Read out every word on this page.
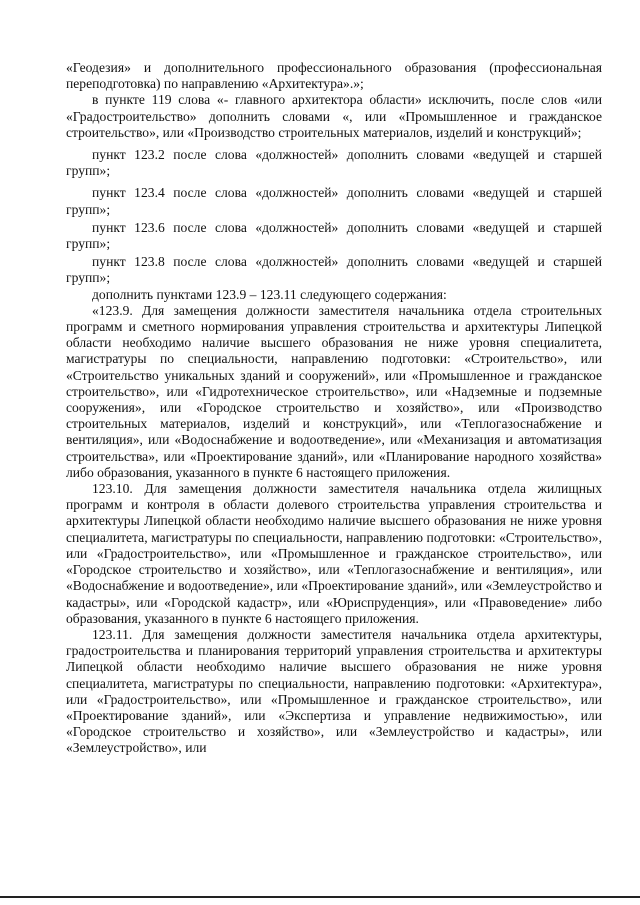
«Геодезия» и дополнительного профессионального образования (профессиональная переподготовка) по направлению «Архитектура».»;

в пункте 119 слова «- главного архитектора области» исключить, после слов «или «Градостроительство» дополнить словами «, или «Промышленное и гражданское строительство», или «Производство строительных материалов, изделий и конструкций»;

пункт 123.2 после слова «должностей» дополнить словами «ведущей и старшей групп»;

пункт 123.4 после слова «должностей» дополнить словами «ведущей и старшей групп»;

пункт 123.6 после слова «должностей» дополнить словами «ведущей и старшей групп»;

пункт 123.8 после слова «должностей» дополнить словами «ведущей и старшей групп»;

дополнить пунктами 123.9 – 123.11 следующего содержания:

«123.9. Для замещения должности заместителя начальника отдела строительных программ и сметного нормирования управления строительства и архитектуры Липецкой области необходимо наличие высшего образования не ниже уровня специалитета, магистратуры по специальности, направлению подготовки: «Строительство», или «Строительство уникальных зданий и сооружений», или «Промышленное и гражданское строительство», или «Гидротехническое строительство», или «Надземные и подземные сооружения», или «Городское строительство и хозяйство», или «Производство строительных материалов, изделий и конструкций», или «Теплогазоснабжение и вентиляция», или «Водоснабжение и водоотведение», или «Механизация и автоматизация строительства», или «Проектирование зданий», или «Планирование народного хозяйства» либо образования, указанного в пункте 6 настоящего приложения.

123.10. Для замещения должности заместителя начальника отдела жилищных программ и контроля в области долевого строительства управления строительства и архитектуры Липецкой области необходимо наличие высшего образования не ниже уровня специалитета, магистратуры по специальности, направлению подготовки: «Строительство», или «Градостроительство», или «Промышленное и гражданское строительство», или «Городское строительство и хозяйство», или «Теплогазоснабжение и вентиляция», или «Водоснабжение и водоотведение», или «Проектирование зданий», или «Землеустройство и кадастры», или «Городской кадастр», или «Юриспруденция», или «Правоведение» либо образования, указанного в пункте 6 настоящего приложения.

123.11. Для замещения должности заместителя начальника отдела архитектуры, градостроительства и планирования территорий управления строительства и архитектуры Липецкой области необходимо наличие высшего образования не ниже уровня специалитета, магистратуры по специальности, направлению подготовки: «Архитектура», или «Градостроительство», или «Промышленное и гражданское строительство», или «Проектирование зданий», или «Экспертиза и управление недвижимостью», или «Городское строительство и хозяйство», или «Землеустройство и кадастры», или «Землеустройство», или
